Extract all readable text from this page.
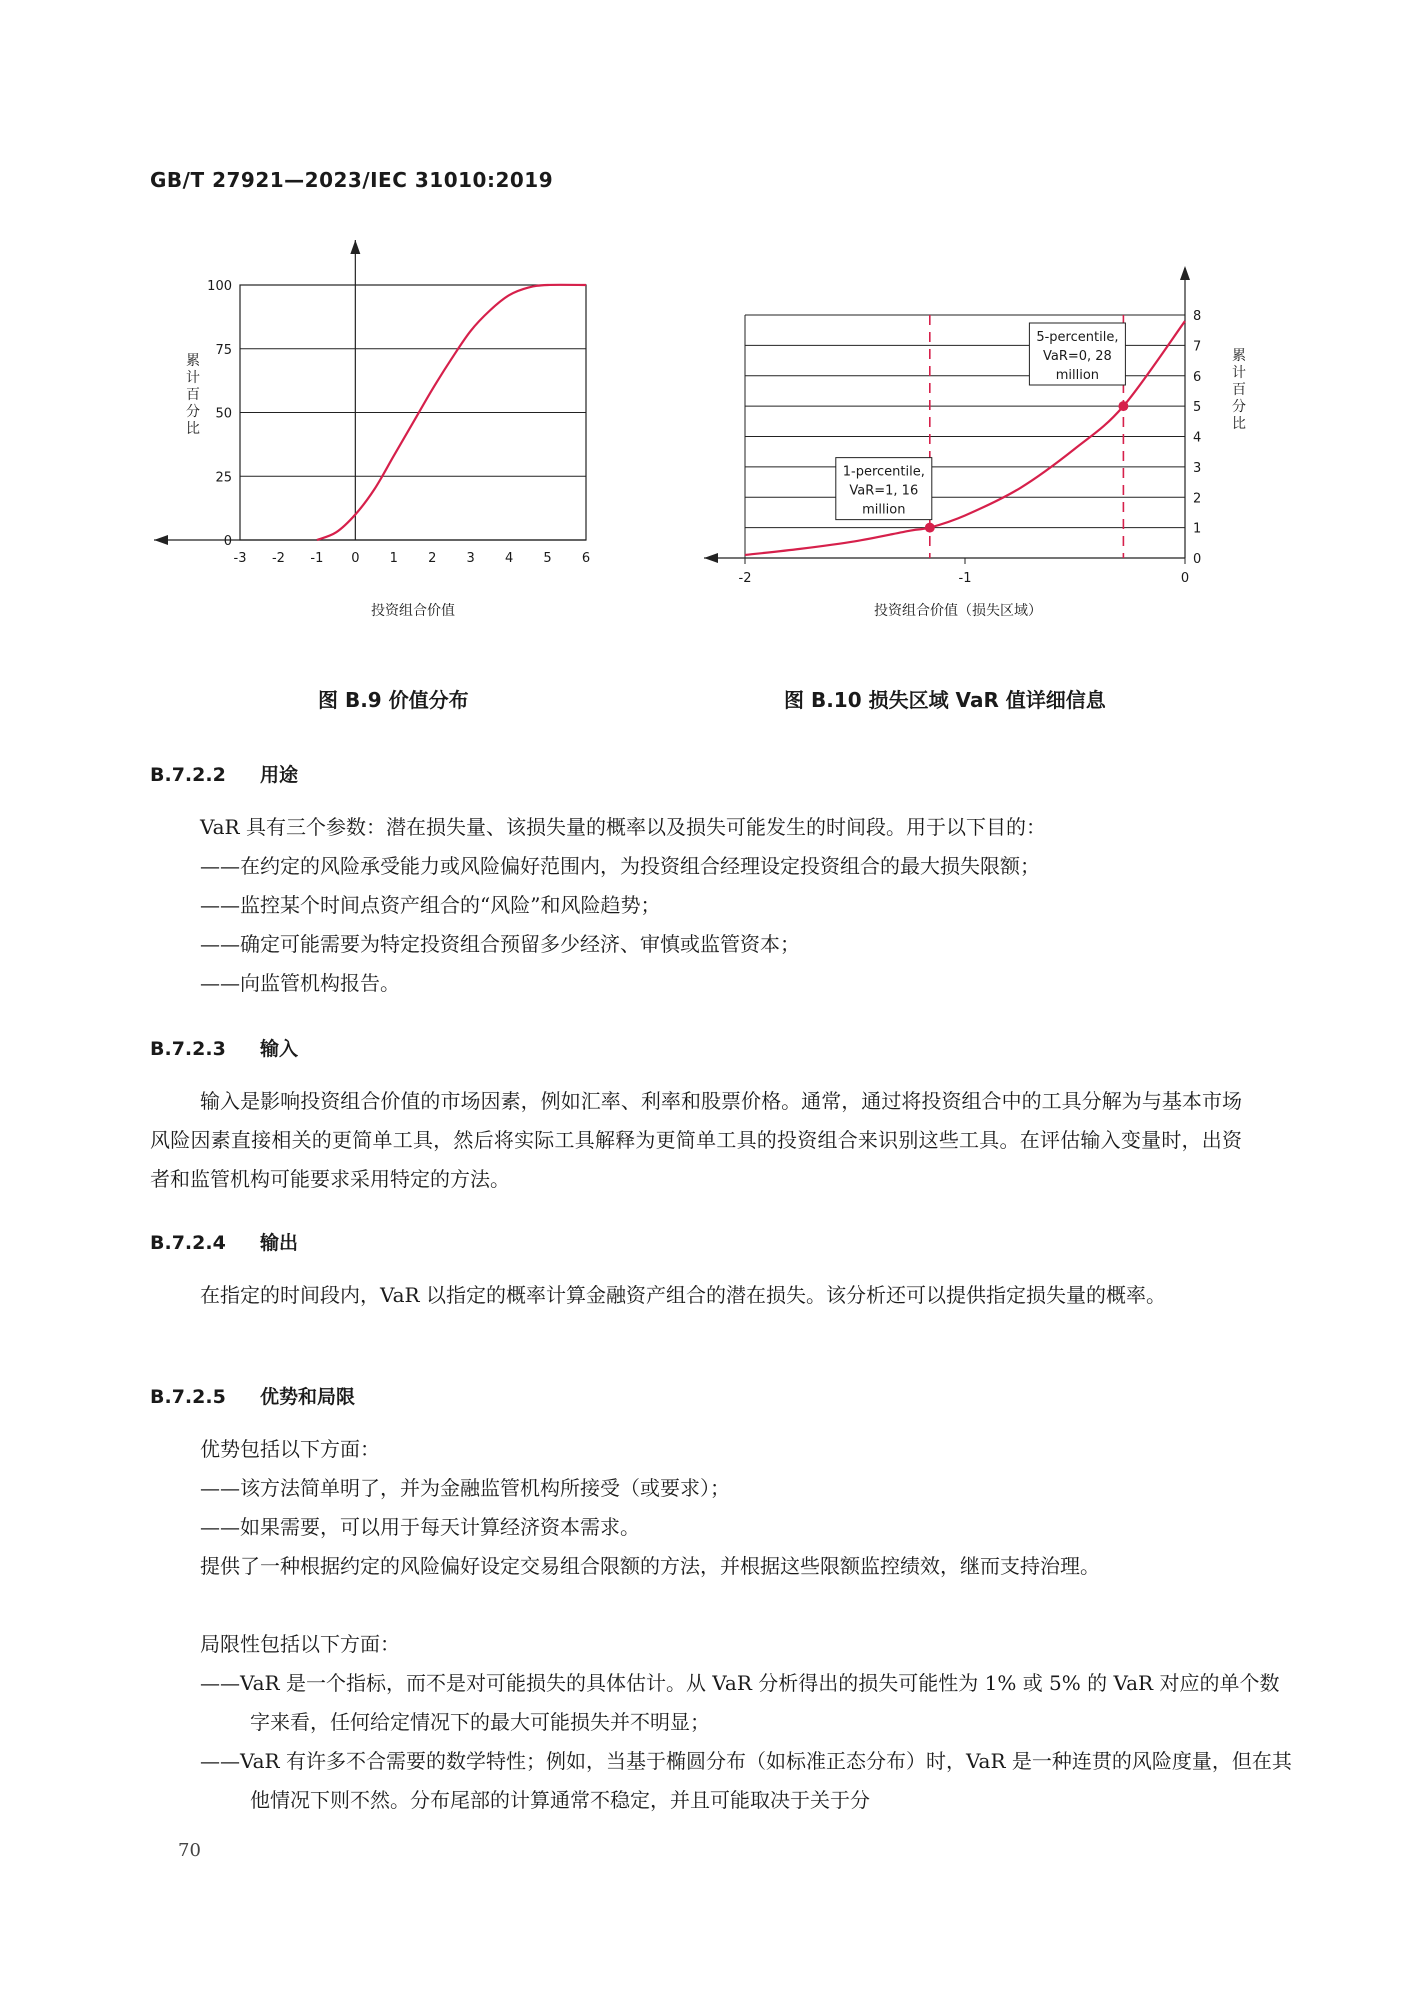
GB/T 27921—2023/IEC 31010:2019
0
25
50
75
100
-3 -2 -1 0 1 2 3 4 5 6
投资组合价值
累计百分比
0
1
2
3
4
5
6
7
8
-2	-1	0
1-percentile,
VaR=1, 16
million
5-percentile,
VaR=0, 28
million
投资组合价值（损失区域）
累计百分比
图 B.9 价值分布	图 B.10 损失区域 VaR 值详细信息
B.7.2.2 用途
VaR 具有三个参数：潜在损失量、该损失量的概率以及损失可能发生的时间段。用于以下目的：
——在约定的风险承受能力或风险偏好范围内，为投资组合经理设定投资组合的最大损失限额；
——监控某个时间点资产组合的“风险”和风险趋势；
——确定可能需要为特定投资组合预留多少经济、审慎或监管资本；
——向监管机构报告。
B.7.2.3 输入
输入是影响投资组合价值的市场因素，例如汇率、利率和股票价格。通常，通过将投资组合中的工具分解为与基本市场风险因素直接相关的更简单工具，然后将实际工具解释为更简单工具的投资组合来识别这些工具。在评估输入变量时，出资者和监管机构可能要求采用特定的方法。
B.7.2.4 输出
在指定的时间段内，VaR 以指定的概率计算金融资产组合的潜在损失。该分析还可以提供指定损失量的概率。
B.7.2.5 优势和局限
优势包括以下方面：
——该方法简单明了，并为金融监管机构所接受（或要求）；
——如果需要，可以用于每天计算经济资本需求。
提供了一种根据约定的风险偏好设定交易组合限额的方法，并根据这些限额监控绩效，继而支持治理。
局限性包括以下方面：
——VaR 是一个指标，而不是对可能损失的具体估计。从 VaR 分析得出的损失可能性为 1% 或 5% 的 VaR 对应的单个数字来看，任何给定情况下的最大可能损失并不明显；
——VaR 有许多不合需要的数学特性；例如，当基于椭圆分布（如标准正态分布）时，VaR 是一种连贯的风险度量，但在其他情况下则不然。分布尾部的计算通常不稳定，并且可能取决于关于分
70
